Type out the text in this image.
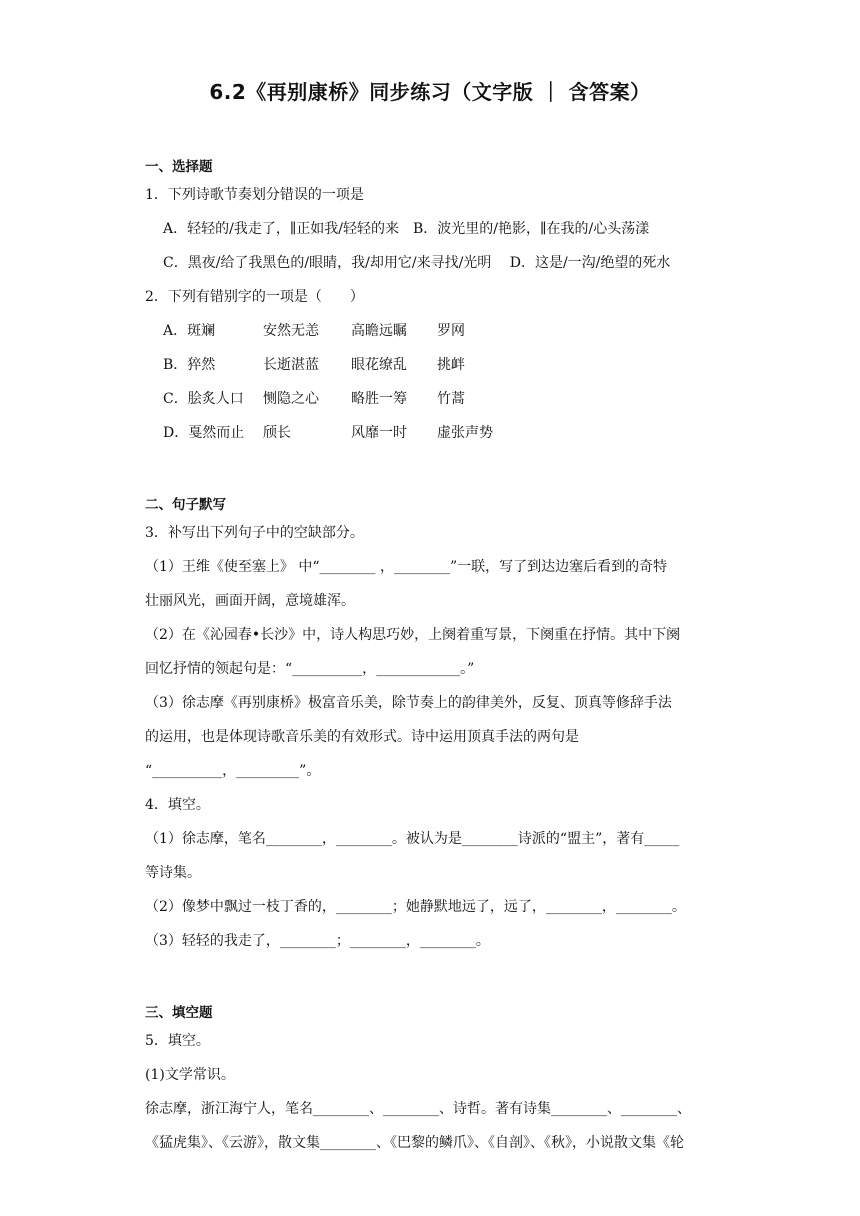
6.2《再别康桥》同步练习（文字版 ｜ 含答案）
一、选择题
1．下列诗歌节奏划分错误的一项是
A．轻轻的/我走了，∥正如我/轻轻的来　B．波光里的/艳影，∥在我的/心头荡漾
C．黑夜/给了我黑色的/眼睛，我/却用它/来寻找/光明　 D．这是/一沟/绝望的死水
2．下列有错别字的一项是（　　）
A．斑斓	安然无恙 高瞻远瞩 罗网
B．猝然	长逝湛蓝 眼花缭乱 挑衅
C．脍炙人口 恻隐之心 略胜一筹 竹蒿
D．戛然而止 颀长	风靡一时 虚张声势
二、句子默写
3．补写出下列句子中的空缺部分。
（1）王维《使至塞上》 中“________ ，________”一联，写了到达边塞后看到的奇特
壮丽风光，画面开阔，意境雄浑。
（2）在《沁园春•长沙》中，诗人构思巧妙，上阕着重写景，下阕重在抒情。其中下阕
回忆抒情的领起句是：“__________，____________。”
（3）徐志摩《再别康桥》极富音乐美，除节奏上的韵律美外，反复、顶真等修辞手法
的运用，也是体现诗歌音乐美的有效形式。诗中运用顶真手法的两句是
“__________，_________”。
4．填空。
（1）徐志摩，笔名________，________。被认为是________诗派的“盟主”，著有_____
等诗集。
（2）像梦中飘过一枝丁香的，________；她静默地远了，远了，________，________。
（3）轻轻的我走了，________；________，________。
三、填空题
5．填空。
(1)文学常识。
徐志摩，浙江海宁人，笔名________、________、诗哲。著有诗集________、________、
《猛虎集》、《云游》，散文集________、《巴黎的鳞爪》、《自剖》、《秋》，小说散文集《轮
